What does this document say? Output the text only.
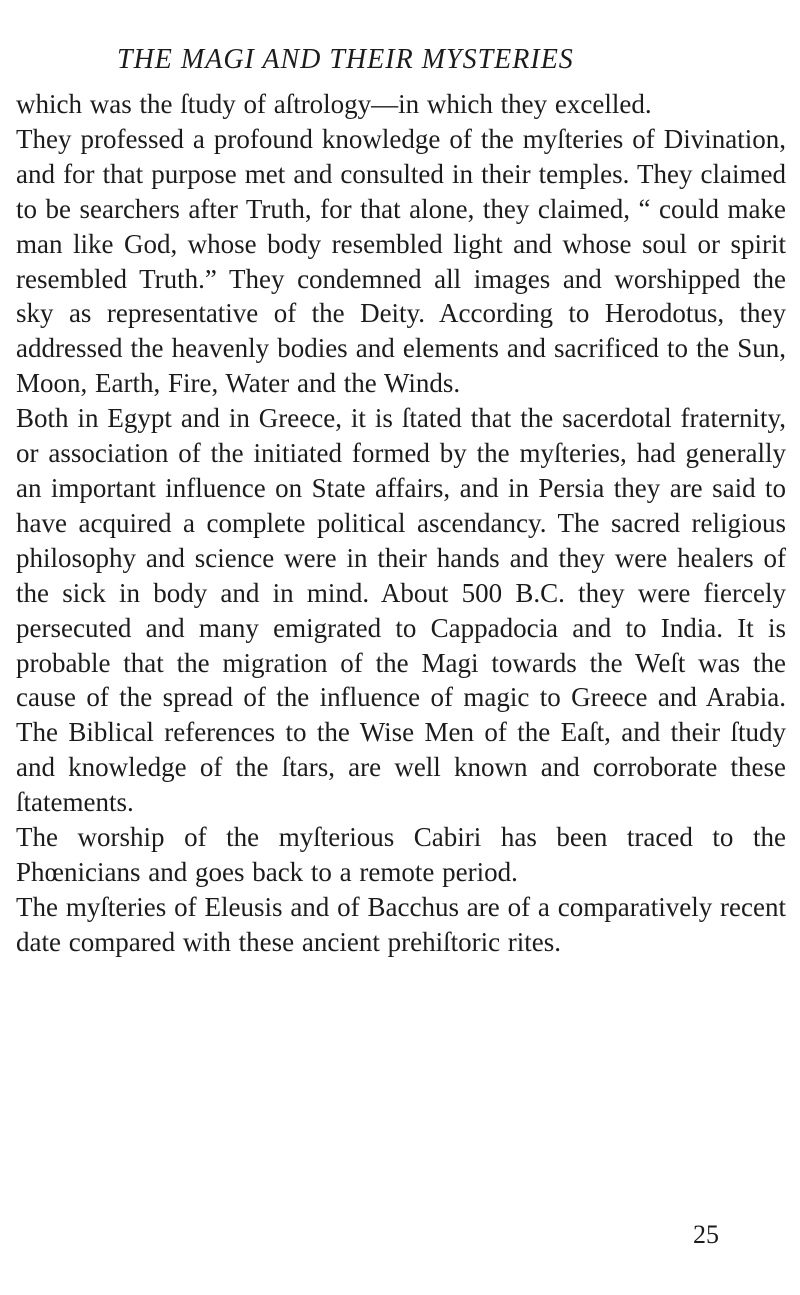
THE MAGI AND THEIR MYSTERIES

which was the ſtudy of aſtrology—in which they excelled.

They professed a profound knowledge of the myſteries of Divination, and for that purpose met and consulted in their temples. They claimed to be searchers after Truth, for that alone, they claimed, “ could make man like God, whose body resembled light and whose soul or spirit resembled Truth.” They condemned all images and worshipped the sky as representative of the Deity. According to Herodotus, they addressed the heavenly bodies and elements and sacrificed to the Sun, Moon, Earth, Fire, Water and the Winds.

Both in Egypt and in Greece, it is ſtated that the sacerdotal fraternity, or association of the initiated formed by the myſteries, had generally an important influence on State affairs, and in Persia they are said to have acquired a complete political ascendancy. The sacred religious philosophy and science were in their hands and they were healers of the sick in body and in mind. About 500 B.C. they were fiercely persecuted and many emigrated to Cappadocia and to India. It is probable that the migration of the Magi towards the Weſt was the cause of the spread of the influence of magic to Greece and Arabia. The Biblical references to the Wise Men of the Eaſt, and their ſtudy and knowledge of the ſtars, are well known and corroborate these ſtatements.

The worship of the myſterious Cabiri has been traced to the Phœnicians and goes back to a remote period.

The myſteries of Eleusis and of Bacchus are of a comparatively recent date compared with these ancient prehiſtoric rites.

25
